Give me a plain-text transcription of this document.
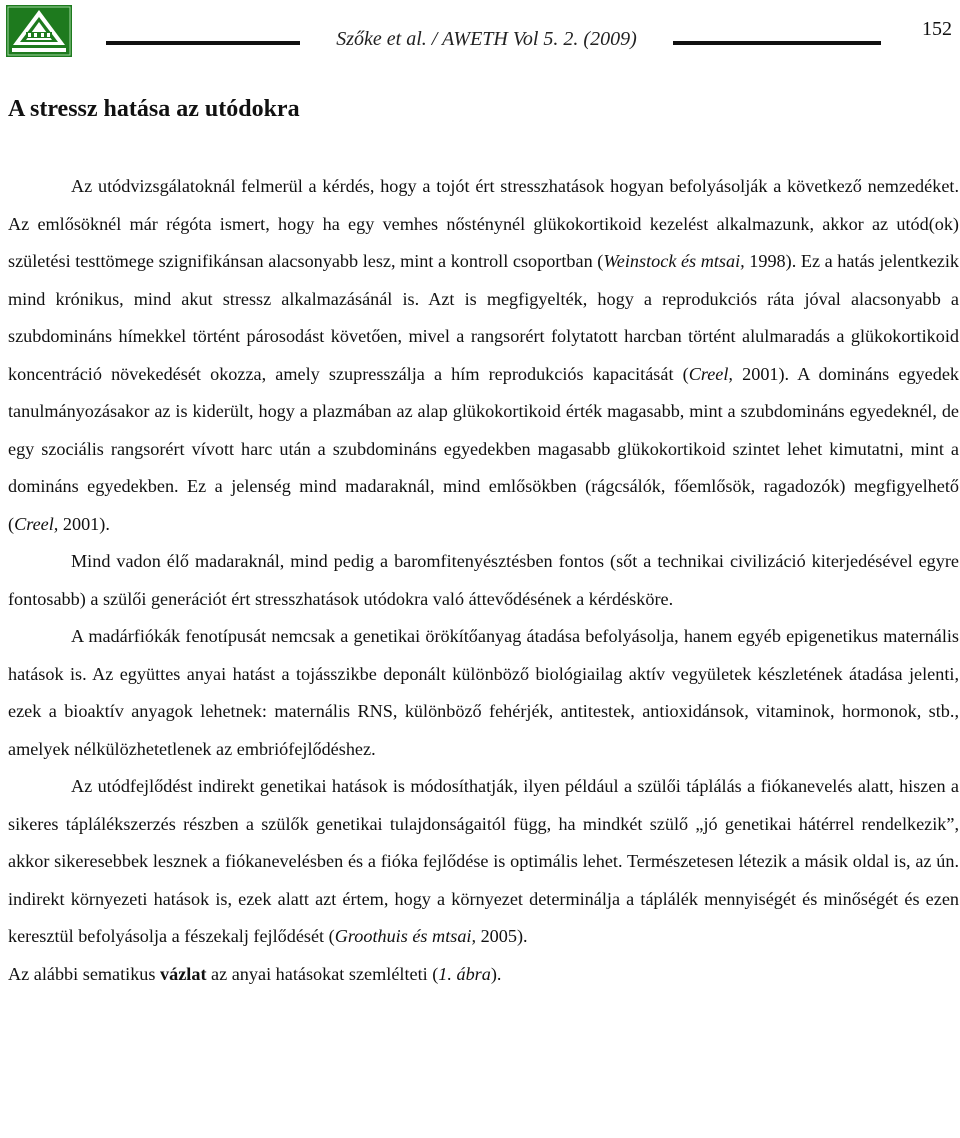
Szőke et al. / AWETH Vol 5. 2. (2009)	152
A stressz hatása az utódokra

Az utódvizsgálatoknál felmerül a kérdés, hogy a tojót ért stresszhatások hogyan befolyásolják a következő nemzedéket. Az emlősöknél már régóta ismert, hogy ha egy vemhes nősténynél glükokortikoid kezelést alkalmazunk, akkor az utód(ok) születési testtömege szignifikánsan alacsonyabb lesz, mint a kontroll csoportban (Weinstock és mtsai, 1998). Ez a hatás jelentkezik mind krónikus, mind akut stressz alkalmazásánál is. Azt is megfigyelték, hogy a reprodukciós ráta jóval alacsonyabb a szubdomináns hímekkel történt párosodást követően, mivel a rangsorért folytatott harcban történt alulmaradás a glükokortikoid koncentráció növekedését okozza, amely szupresszálja a hím reprodukciós kapacitását (Creel, 2001). A domináns egyedek tanulmányozásakor az is kiderült, hogy a plazmában az alap glükokortikoid érték magasabb, mint a szubdomináns egyedeknél, de egy szociális rangsorért vívott harc után a szubdomináns egyedekben magasabb glükokortikoid szintet lehet kimutatni, mint a domináns egyedekben. Ez a jelenség mind madaraknál, mind emlősökben (rágcsálók, főemlősök, ragadozók) megfigyelhető (Creel, 2001).

Mind vadon élő madaraknál, mind pedig a baromfitenyésztésben fontos (sőt a technikai civilizáció kiterjedésével egyre fontosabb) a szülői generációt ért stresszhatások utódokra való áttevődésének a kérdésköre.

A madárfiókák fenotípusát nemcsak a genetikai örökítőanyag átadása befolyásolja, hanem egyéb epigenetikus maternális hatások is. Az együttes anyai hatást a tojásszikbe deponált különböző biológiailag aktív vegyületek készletének átadása jelenti, ezek a bioaktív anyagok lehetnek: maternális RNS, különböző fehérjék, antitestek, antioxidánsok, vitaminok, hormonok, stb., amelyek nélkülözhetetlenek az embriófejlődéshez.

Az utódfejlődést indirekt genetikai hatások is módosíthatják, ilyen például a szülői táplálás a fiókanevelés alatt, hiszen a sikeres táplálékszerzés részben a szülők genetikai tulajdonságaitól függ, ha mindkét szülő „jó genetikai hátérrel rendelkezik”, akkor sikeresebbek lesznek a fiókanevelésben és a fióka fejlődése is optimális lehet. Természetesen létezik a másik oldal is, az ún. indirekt környezeti hatások is, ezek alatt azt értem, hogy a környezet determinálja a táplálék mennyiségét és minőségét és ezen keresztül befolyásolja a fészekalj fejlődését (Groothuis és mtsai, 2005).

Az alábbi sematikus vázlat az anyai hatásokat szemlélteti (1. ábra).
